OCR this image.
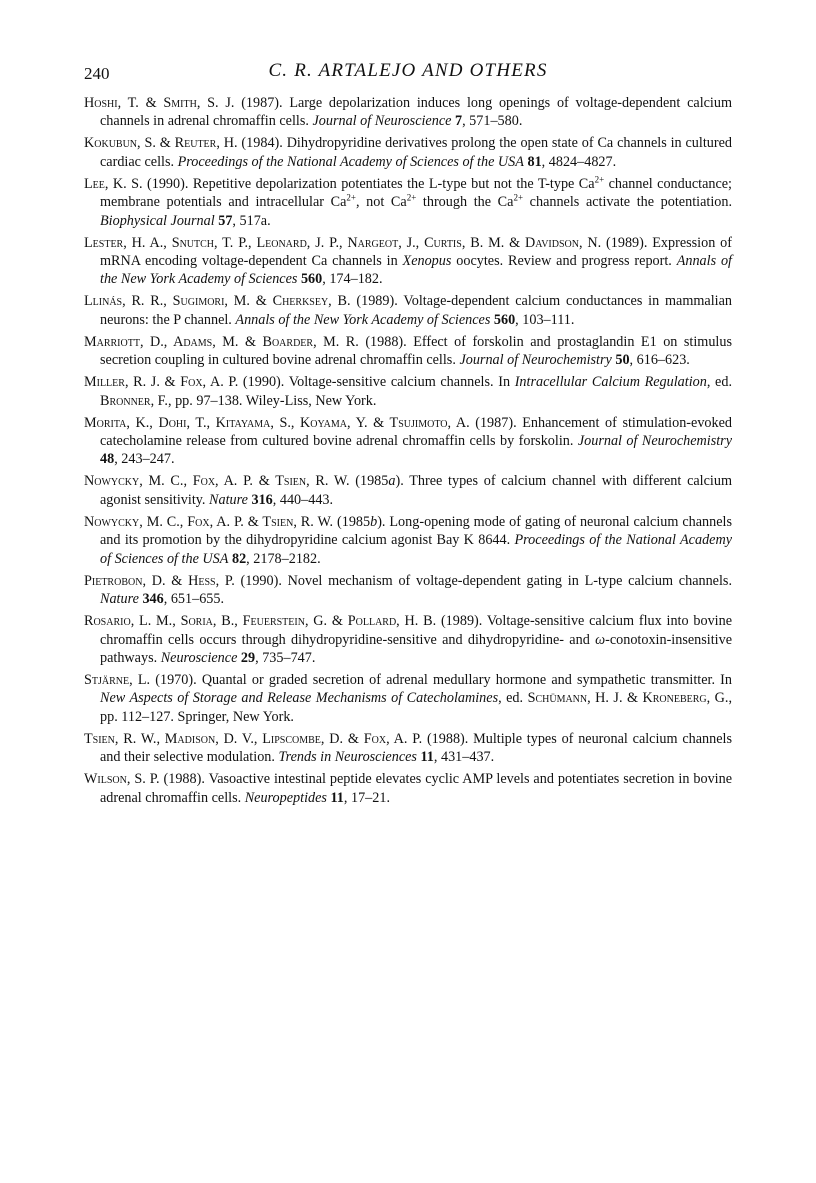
240	C. R. ARTALEJO AND OTHERS

Hoshi, T. & Smith, S. J. (1987). Large depolarization induces long openings of voltage-dependent calcium channels in adrenal chromaffin cells. Journal of Neuroscience 7, 571–580.

Kokubun, S. & Reuter, H. (1984). Dihydropyridine derivatives prolong the open state of Ca channels in cultured cardiac cells. Proceedings of the National Academy of Sciences of the USA 81, 4824–4827.

Lee, K. S. (1990). Repetitive depolarization potentiates the L-type but not the T-type $Ca^{2+}$ channel conductance; membrane potentials and intracellular $Ca^{2+}$, not $Ca^{2+}$ through the $Ca^{2+}$ channels activate the potentiation. Biophysical Journal 57, 517a.

Lester, H. A., Snutch, T. P., Leonard, J. P., Nargeot, J., Curtis, B. M. & Davidson, N. (1989). Expression of mRNA encoding voltage-dependent Ca channels in Xenopus oocytes. Review and progress report. Annals of the New York Academy of Sciences 560, 174–182.

Llinás, R. R., Sugimori, M. & Cherksey, B. (1989). Voltage-dependent calcium conductances in mammalian neurons: the P channel. Annals of the New York Academy of Sciences 560, 103–111.

Marriott, D., Adams, M. & Boarder, M. R. (1988). Effect of forskolin and prostaglandin E1 on stimulus secretion coupling in cultured bovine adrenal chromaffin cells. Journal of Neurochemistry 50, 616–623.

Miller, R. J. & Fox, A. P. (1990). Voltage-sensitive calcium channels. In Intracellular Calcium Regulation, ed. Bronner, F., pp. 97–138. Wiley-Liss, New York.

Morita, K., Dohi, T., Kitayama, S., Koyama, Y. & Tsujimoto, A. (1987). Enhancement of stimulation-evoked catecholamine release from cultured bovine adrenal chromaffin cells by forskolin. Journal of Neurochemistry 48, 243–247.

Nowycky, M. C., Fox, A. P. & Tsien, R. W. (1985a). Three types of calcium channel with different calcium agonist sensitivity. Nature 316, 440–443.

Nowycky, M. C., Fox, A. P. & Tsien, R. W. (1985b). Long-opening mode of gating of neuronal calcium channels and its promotion by the dihydropyridine calcium agonist Bay K 8644. Proceedings of the National Academy of Sciences of the USA 82, 2178–2182.

Pietrobon, D. & Hess, P. (1990). Novel mechanism of voltage-dependent gating in L-type calcium channels. Nature 346, 651–655.

Rosario, L. M., Soria, B., Feuerstein, G. & Pollard, H. B. (1989). Voltage-sensitive calcium flux into bovine chromaffin cells occurs through dihydropyridine-sensitive and dihydropyridine- and ω-conotoxin-insensitive pathways. Neuroscience 29, 735–747.

Stjärne, L. (1970). Quantal or graded secretion of adrenal medullary hormone and sympathetic transmitter. In New Aspects of Storage and Release Mechanisms of Catecholamines, ed. Schümann, H. J. & Kroneberg, G., pp. 112–127. Springer, New York.

Tsien, R. W., Madison, D. V., Lipscombe, D. & Fox, A. P. (1988). Multiple types of neuronal calcium channels and their selective modulation. Trends in Neurosciences 11, 431–437.

Wilson, S. P. (1988). Vasoactive intestinal peptide elevates cyclic AMP levels and potentiates secretion in bovine adrenal chromaffin cells. Neuropeptides 11, 17–21.
